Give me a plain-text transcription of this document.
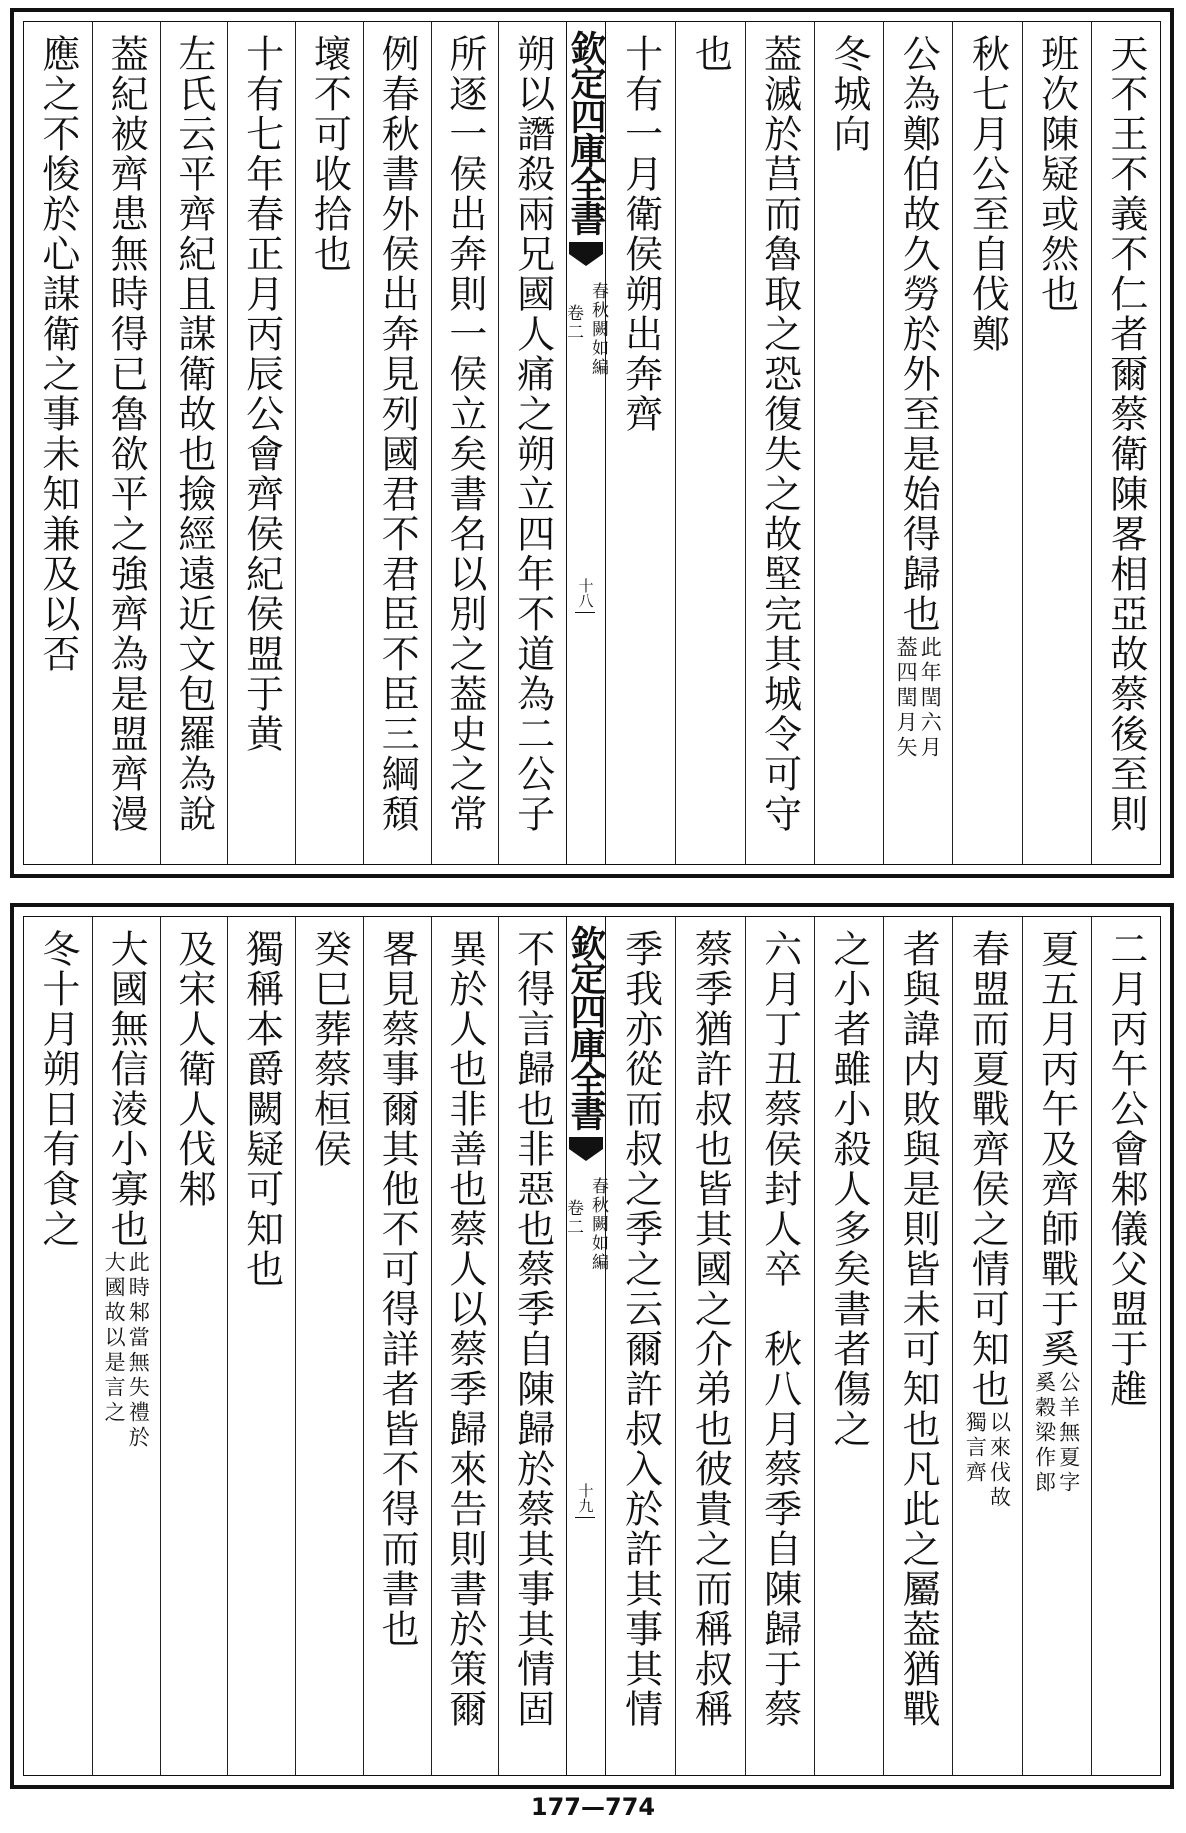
天不王不義不仁者爾蔡衛陳畧相亞故蔡後至則
班次陳疑或然也
秋七月公至自伐鄭
公為鄭伯故久勞於外至是始得歸也
此年閏六月
葢四閏月矢
冬城向
葢滅於莒而魯取之恐復失之故堅完其城令可守
也
十有一月衛侯朔出奔齊
朔以譖殺兩兄國人痛之朔立四年不道為二公子
所逐一侯出奔則一侯立矣書名以別之葢史之常
例春秋書外侯出奔見列國君不君臣不臣三綱頹
壞不可收拾也
十有七年春正月丙辰公會齊侯紀侯盟于黄
左氏云平齊紀且謀衛故也撿經遠近文包羅為說
葢紀被齊患無時得已魯欲平之強齊為是盟齊漫
應之不悛於心謀衛之事未知兼及以否	欽定四庫全書
春秋闕如編
卷二
十八
二月丙午公會邾儀父盟于趡
夏五月丙午及齊師戰于奚
公羊無夏字
奚穀梁作郎
春盟而夏戰齊侯之情可知也
以來伐故
獨言齊
者與諱内敗與是則皆未可知也凡此之屬葢猶戰
之小者雖小殺人多矣書者傷之
六月丁丑蔡侯封人卒　秋八月蔡季自陳歸于蔡
蔡季猶許叔也皆其國之介弟也彼貴之而稱叔稱
季我亦從而叔之季之云爾許叔入於許其事其情
不得言歸也非惡也蔡季自陳歸於蔡其事其情固
異於人也非善也蔡人以蔡季歸來告則書於策爾
畧見蔡事爾其他不可得詳者皆不得而書也
癸巳葬蔡桓侯
獨稱本爵闕疑可知也
及宋人衛人伐邾
大國無信淩小寡也
此時邾當無失禮於
大國故以是言之
冬十月朔日有食之	欽定四庫全書
春秋闕如編
卷二
十九
177—774
